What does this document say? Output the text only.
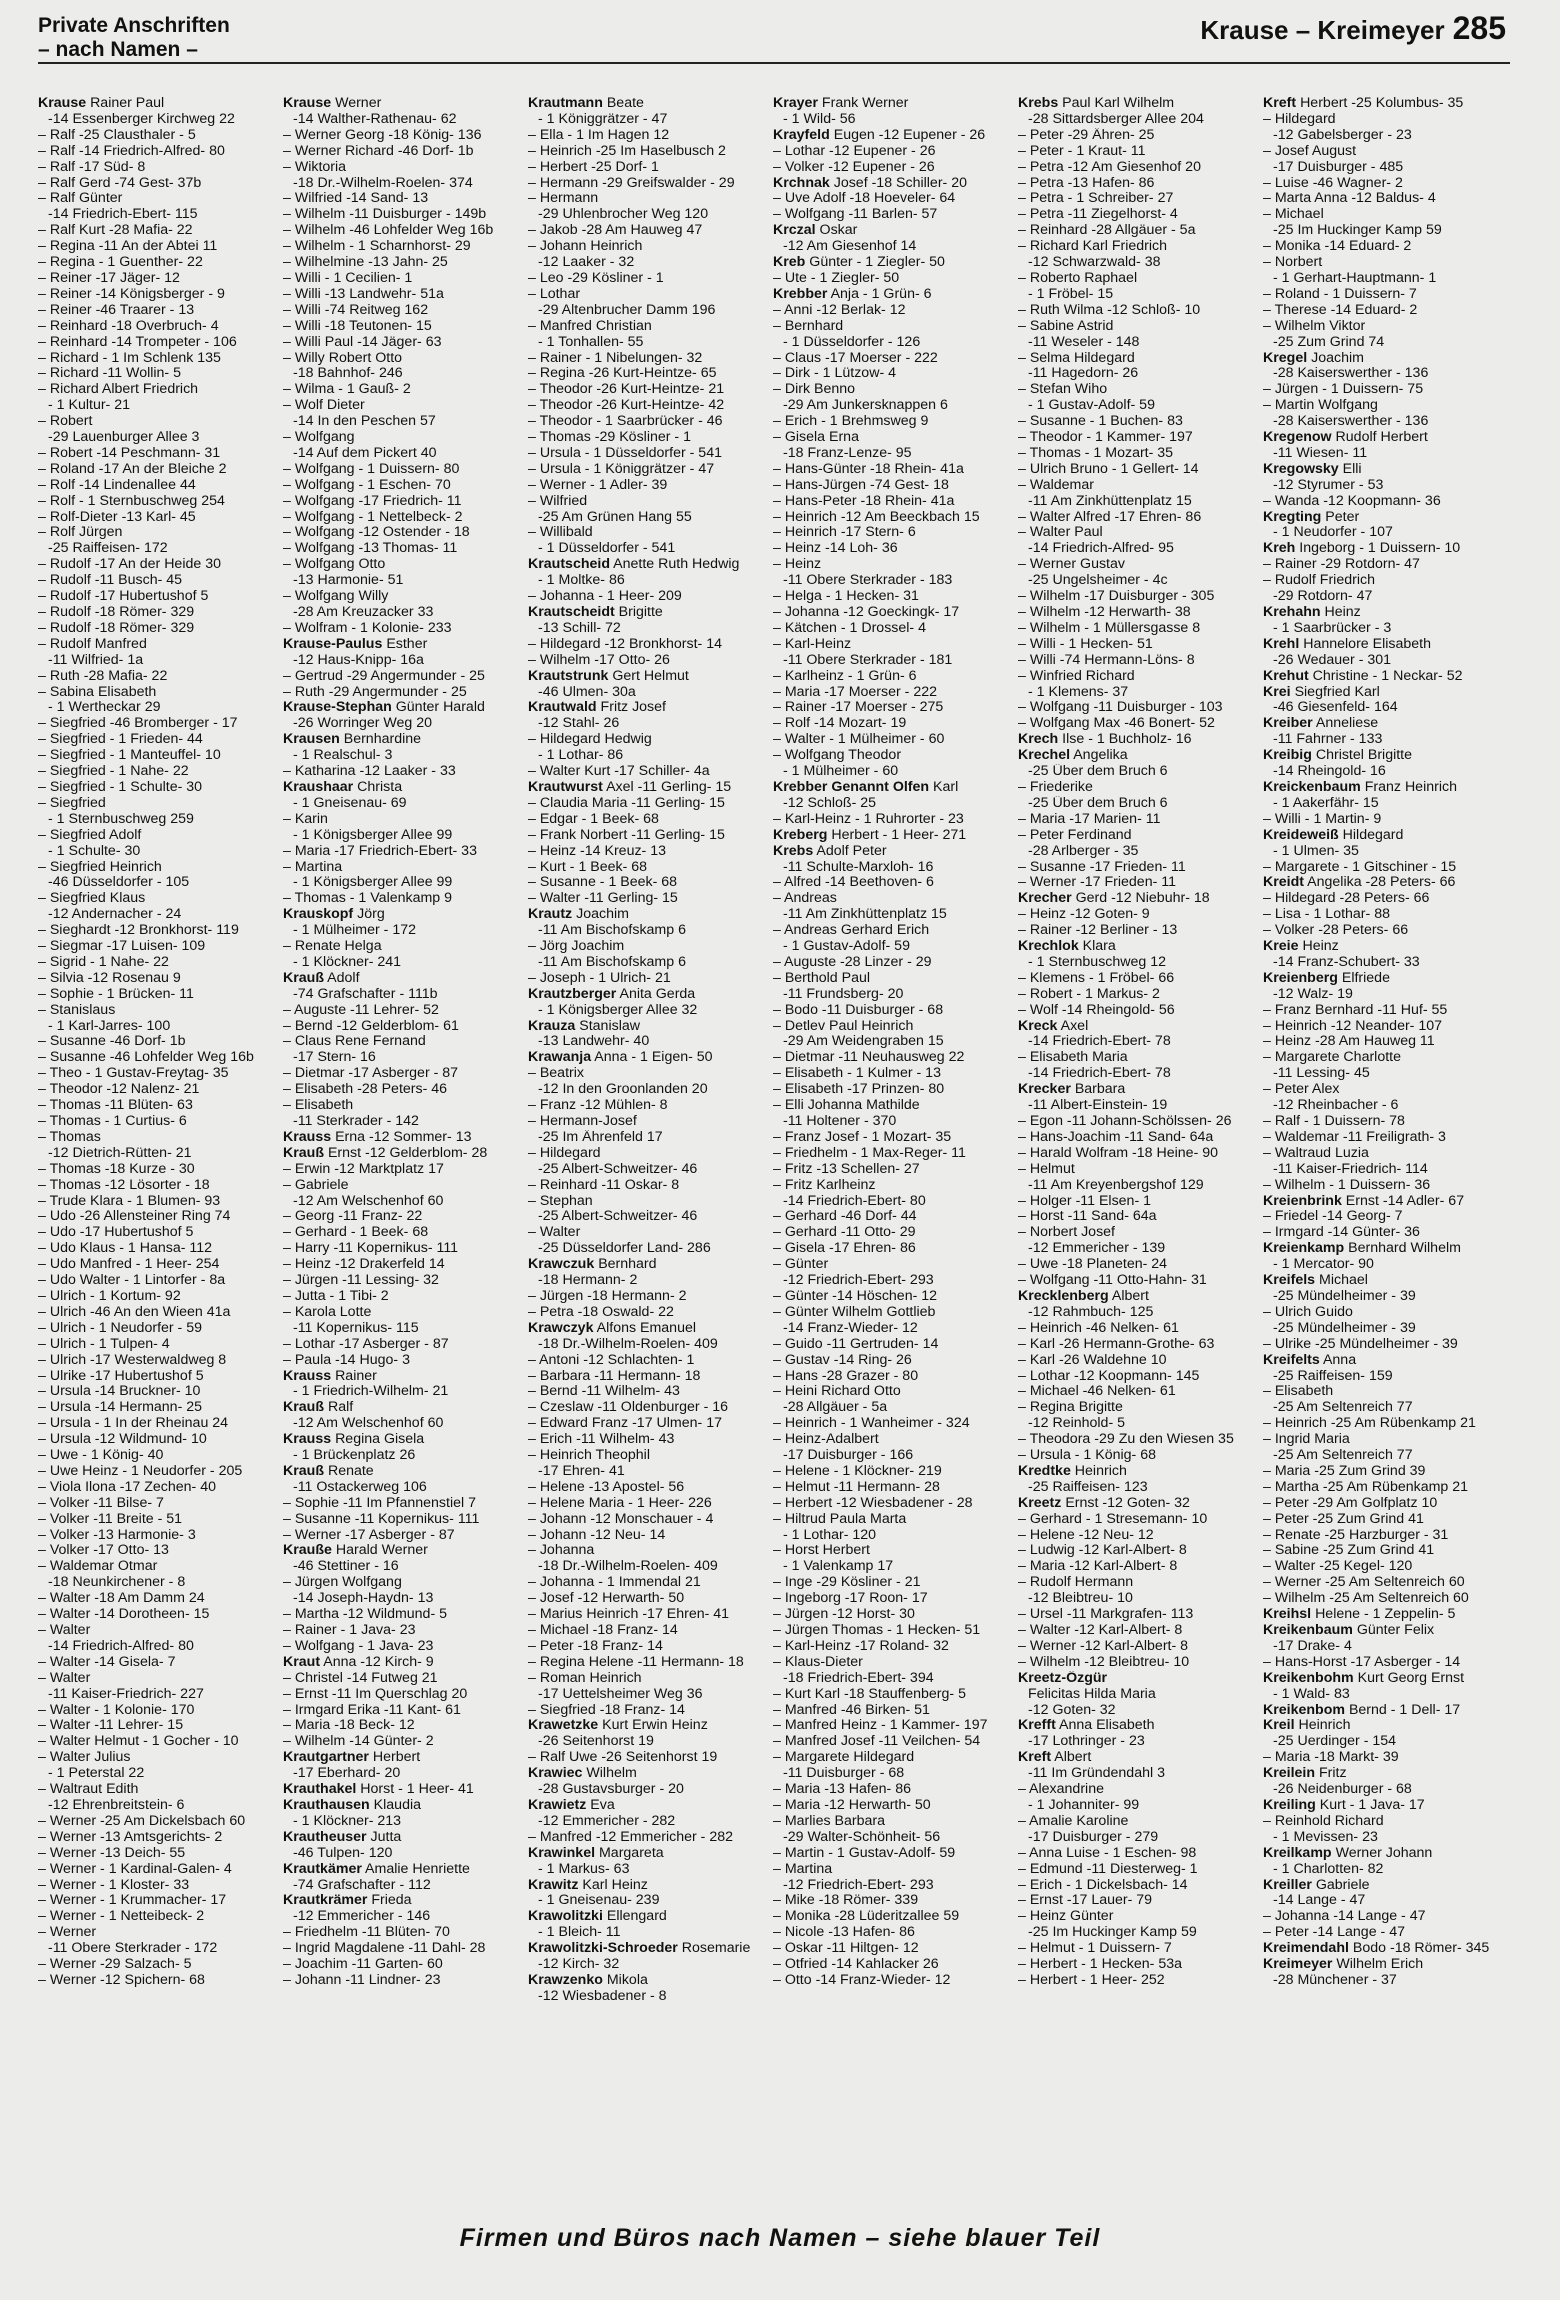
Private Anschriften
– nach Namen –
Krause – Kreimeyer 285
Krause Rainer Paul
-14 Essenberger Kirchweg 22
– Ralf -25 Clausthaler - 5
– Ralf -14 Friedrich-Alfred- 80
– Ralf -17 Süd- 8
– Ralf Gerd -74 Gest- 37b
– Ralf Günter
-14 Friedrich-Ebert- 115
– Ralf Kurt -28 Mafia- 22
– Regina -11 An der Abtei 11
– Regina - 1 Guenther- 22
– Reiner -17 Jäger- 12
– Reiner -14 Königsberger - 9
– Reiner -46 Traarer - 13
– Reinhard -18 Overbruch- 4
– Reinhard -14 Trompeter - 106
– Richard - 1 Im Schlenk 135
– Richard -11 Wollin- 5
– Richard Albert Friedrich
- 1 Kultur- 21
– Robert
-29 Lauenburger Allee 3
– Robert -14 Peschmann- 31
– Roland -17 An der Bleiche 2
– Rolf -14 Lindenallee 44
– Rolf - 1 Sternbuschweg 254
– Rolf-Dieter -13 Karl- 45
– Rolf Jürgen
-25 Raiffeisen- 172
– Rudolf -17 An der Heide 30
– Rudolf -11 Busch- 45
– Rudolf -17 Hubertushof 5
– Rudolf -18 Römer- 329
– Rudolf -18 Römer- 329
– Rudolf Manfred
-11 Wilfried- 1a
– Ruth -28 Mafia- 22
– Sabina Elisabeth
- 1 Wertheckar 29
– Siegfried -46 Bromberger - 17
– Siegfried - 1 Frieden- 44
– Siegfried - 1 Manteuffel- 10
– Siegfried - 1 Nahe- 22
– Siegfried - 1 Schulte- 30
– Siegfried
- 1 Sternbuschweg 259
– Siegfried Adolf
- 1 Schulte- 30
– Siegfried Heinrich
-46 Düsseldorfer - 105
– Siegfried Klaus
-12 Andernacher - 24
– Sieghardt -12 Bronkhorst- 119
– Siegmar -17 Luisen- 109
– Sigrid - 1 Nahe- 22
– Silvia -12 Rosenau 9
– Sophie - 1 Brücken- 11
– Stanislaus
- 1 Karl-Jarres- 100
– Susanne -46 Dorf- 1b
– Susanne -46 Lohfelder Weg 16b
– Theo - 1 Gustav-Freytag- 35
– Theodor -12 Nalenz- 21
– Thomas -11 Blüten- 63
– Thomas - 1 Curtius- 6
– Thomas
-12 Dietrich-Rütten- 21
– Thomas -18 Kurze - 30
– Thomas -12 Lösorter - 18
– Trude Klara - 1 Blumen- 93
– Udo -26 Allensteiner Ring 74
– Udo -17 Hubertushof 5
– Udo Klaus - 1 Hansa- 112
– Udo Manfred - 1 Heer- 254
– Udo Walter - 1 Lintorfer - 8a
– Ulrich - 1 Kortum- 92
– Ulrich -46 An den Wieen 41a
– Ulrich - 1 Neudorfer - 59
– Ulrich - 1 Tulpen- 4
– Ulrich -17 Westerwaldweg 8
– Ulrike -17 Hubertushof 5
– Ursula -14 Bruckner- 10
– Ursula -14 Hermann- 25
– Ursula - 1 In der Rheinau 24
– Ursula -12 Wildmund- 10
– Uwe - 1 König- 40
– Uwe Heinz - 1 Neudorfer - 205
– Viola Ilona -17 Zechen- 40
– Volker -11 Bilse- 7
– Volker -11 Breite - 51
– Volker -13 Harmonie- 3
– Volker -17 Otto- 13
– Waldemar Otmar
-18 Neunkirchener - 8
– Walter -18 Am Damm 24
– Walter -14 Dorotheen- 15
– Walter
-14 Friedrich-Alfred- 80
– Walter -14 Gisela- 7
– Walter
-11 Kaiser-Friedrich- 227
– Walter - 1 Kolonie- 170
– Walter -11 Lehrer- 15
– Walter Helmut - 1 Gocher - 10
– Walter Julius
- 1 Peterstal 22
– Waltraut Edith
-12 Ehrenbreitstein- 6
– Werner -25 Am Dickelsbach 60
– Werner -13 Amtsgerichts- 2
– Werner -13 Deich- 55
– Werner - 1 Kardinal-Galen- 4
– Werner - 1 Kloster- 33
– Werner - 1 Krummacher- 17
– Werner - 1 Netteibeck- 2
– Werner
-11 Obere Sterkrader - 172
– Werner -29 Salzach- 5
– Werner -12 Spichern- 68
Krause Werner
-14 Walther-Rathenau- 62
– Werner Georg -18 König- 136
– Werner Richard -46 Dorf- 1b
– Wiktoria
-18 Dr.-Wilhelm-Roelen- 374
– Wilfried -14 Sand- 13
– Wilhelm -11 Duisburger - 149b
– Wilhelm -46 Lohfelder Weg 16b
– Wilhelm - 1 Scharnhorst- 29
– Wilhelmine -13 Jahn- 25
– Willi - 1 Cecilien- 1
– Willi -13 Landwehr- 51a
– Willi -74 Reitweg 162
– Willi -18 Teutonen- 15
– Willi Paul -14 Jäger- 63
– Willy Robert Otto
-18 Bahnhof- 246
– Wilma - 1 Gauß- 2
– Wolf Dieter
-14 In den Peschen 57
– Wolfgang
-14 Auf dem Pickert 40
– Wolfgang - 1 Duissern- 80
– Wolfgang - 1 Eschen- 70
– Wolfgang -17 Friedrich- 11
– Wolfgang - 1 Nettelbeck- 2
– Wolfgang -12 Ostender - 18
– Wolfgang -13 Thomas- 11
– Wolfgang Otto
-13 Harmonie- 51
– Wolfgang Willy
-28 Am Kreuzacker 33
– Wolfram - 1 Kolonie- 233
Krause-Paulus Esther
-12 Haus-Knipp- 16a
– Gertrud -29 Angermunder - 25
– Ruth -29 Angermunder - 25
Krause-Stephan Günter Harald
-26 Worringer Weg 20
Krausen Bernhardine
- 1 Realschul- 3
– Katharina -12 Laaker - 33
Kraushaar Christa
- 1 Gneisenau- 69
– Karin
- 1 Königsberger Allee 99
– Maria -17 Friedrich-Ebert- 33
– Martina
- 1 Königsberger Allee 99
– Thomas - 1 Valenkamp 9
Krauskopf Jörg
- 1 Mülheimer - 172
– Renate Helga
- 1 Klöckner- 241
Krauß Adolf
-74 Grafschafter - 111b
– Auguste -11 Lehrer- 52
– Bernd -12 Gelderblom- 61
– Claus Rene Fernand
-17 Stern- 16
– Dietmar -17 Asberger - 87
– Elisabeth -28 Peters- 46
– Elisabeth
-11 Sterkrader - 142
Krauss Erna -12 Sommer- 13
Krauß Ernst -12 Gelderblom- 28
– Erwin -12 Marktplatz 17
– Gabriele
-12 Am Welschenhof 60
– Georg -11 Franz- 22
– Gerhard - 1 Beek- 68
– Harry -11 Kopernikus- 111
– Heinz -12 Drakerfeld 14
– Jürgen -11 Lessing- 32
– Jutta - 1 Tibi- 2
– Karola Lotte
-11 Kopernikus- 115
– Lothar -17 Asberger - 87
– Paula -14 Hugo- 3
Krauss Rainer
- 1 Friedrich-Wilhelm- 21
Krauß Ralf
-12 Am Welschenhof 60
Krauss Regina Gisela
- 1 Brückenplatz 26
Krauß Renate
-11 Ostackerweg 106
– Sophie -11 Im Pfannenstiel 7
– Susanne -11 Kopernikus- 111
– Werner -17 Asberger - 87
Krauße Harald Werner
-46 Stettiner - 16
– Jürgen Wolfgang
-14 Joseph-Haydn- 13
– Martha -12 Wildmund- 5
– Rainer - 1 Java- 23
– Wolfgang - 1 Java- 23
Kraut Anna -12 Kirch- 9
– Christel -14 Futweg 21
– Ernst -11 Im Querschlag 20
– Irmgard Erika -11 Kant- 61
– Maria -18 Beck- 12
– Wilhelm -14 Günter- 2
Krautgartner Herbert
-17 Eberhard- 20
Krauthakel Horst - 1 Heer- 41
Krauthausen Klaudia
- 1 Klöckner- 213
Krautheuser Jutta
-46 Tulpen- 120
Krautkämer Amalie Henriette
-74 Grafschafter - 112
Krautkrämer Frieda
-12 Emmericher - 146
– Friedhelm -11 Blüten- 70
– Ingrid Magdalene -11 Dahl- 28
– Joachim -11 Garten- 60
– Johann -11 Lindner- 23
Krautmann Beate
- 1 Königgrätzer - 47
– Ella - 1 Im Hagen 12
– Heinrich -25 Im Haselbusch 2
– Herbert -25 Dorf- 1
– Hermann -29 Greifswalder - 29
– Hermann
-29 Uhlenbrocher Weg 120
– Jakob -28 Am Hauweg 47
– Johann Heinrich
-12 Laaker - 32
– Leo -29 Kösliner - 1
– Lothar
-29 Altenbrucher Damm 196
– Manfred Christian
- 1 Tonhallen- 55
– Rainer - 1 Nibelungen- 32
– Regina -26 Kurt-Heintze- 65
– Theodor -26 Kurt-Heintze- 21
– Theodor -26 Kurt-Heintze- 42
– Theodor - 1 Saarbrücker - 46
– Thomas -29 Kösliner - 1
– Ursula - 1 Düsseldorfer - 541
– Ursula - 1 Königgrätzer - 47
– Werner - 1 Adler- 39
– Wilfried
-25 Am Grünen Hang 55
– Willibald
- 1 Düsseldorfer - 541
Krautscheid Anette Ruth Hedwig
- 1 Moltke- 86
– Johanna - 1 Heer- 209
Krautscheidt Brigitte
-13 Schill- 72
– Hildegard -12 Bronkhorst- 14
– Wilhelm -17 Otto- 26
Krautstrunk Gert Helmut
-46 Ulmen- 30a
Krautwald Fritz Josef
-12 Stahl- 26
– Hildegard Hedwig
- 1 Lothar- 86
– Walter Kurt -17 Schiller- 4a
Krautwurst Axel -11 Gerling- 15
– Claudia Maria -11 Gerling- 15
– Edgar - 1 Beek- 68
– Frank Norbert -11 Gerling- 15
– Heinz -14 Kreuz- 13
– Kurt - 1 Beek- 68
– Susanne - 1 Beek- 68
– Walter -11 Gerling- 15
Krautz Joachim
-11 Am Bischofskamp 6
– Jörg Joachim
-11 Am Bischofskamp 6
– Joseph - 1 Ulrich- 21
Krautzberger Anita Gerda
- 1 Königsberger Allee 32
Krauza Stanislaw
-13 Landwehr- 40
Krawanja Anna - 1 Eigen- 50
– Beatrix
-12 In den Groonlanden 20
– Franz -12 Mühlen- 8
– Hermann-Josef
-25 Im Ährenfeld 17
– Hildegard
-25 Albert-Schweitzer- 46
– Reinhard -11 Oskar- 8
– Stephan
-25 Albert-Schweitzer- 46
– Walter
-25 Düsseldorfer Land- 286
Krawczuk Bernhard
-18 Hermann- 2
– Jürgen -18 Hermann- 2
– Petra -18 Oswald- 22
Krawczyk Alfons Emanuel
-18 Dr.-Wilhelm-Roelen- 409
– Antoni -12 Schlachten- 1
– Barbara -11 Hermann- 18
– Bernd -11 Wilhelm- 43
– Czeslaw -11 Oldenburger - 16
– Edward Franz -17 Ulmen- 17
– Erich -11 Wilhelm- 43
– Heinrich Theophil
-17 Ehren- 41
– Helene -13 Apostel- 56
– Helene Maria - 1 Heer- 226
– Johann -12 Monschauer - 4
– Johann -12 Neu- 14
– Johanna
-18 Dr.-Wilhelm-Roelen- 409
– Johanna - 1 Immendal 21
– Josef -12 Herwarth- 50
– Marius Heinrich -17 Ehren- 41
– Michael -18 Franz- 14
– Peter -18 Franz- 14
– Regina Helene -11 Hermann- 18
– Roman Heinrich
-17 Uettelsheimer Weg 36
– Siegfried -18 Franz- 14
Krawetzke Kurt Erwin Heinz
-26 Seitenhorst 19
– Ralf Uwe -26 Seitenhorst 19
Krawiec Wilhelm
-28 Gustavsburger - 20
Krawietz Eva
-12 Emmericher - 282
– Manfred -12 Emmericher - 282
Krawinkel Margareta
- 1 Markus- 63
Krawitz Karl Heinz
- 1 Gneisenau- 239
Krawolitzki Ellengard
- 1 Bleich- 11
Krawolitzki-Schroeder Rosemarie
-12 Kirch- 32
Krawzenko Mikola
-12 Wiesbadener - 8
Krayer Frank Werner
- 1 Wild- 56
Krayfeld Eugen -12 Eupener - 26
– Lothar -12 Eupener - 26
– Volker -12 Eupener - 26
Krchnak Josef -18 Schiller- 20
– Uve Adolf -18 Hoeveler- 64
– Wolfgang -11 Barlen- 57
Krczal Oskar
-12 Am Giesenhof 14
Kreb Günter - 1 Ziegler- 50
– Ute - 1 Ziegler- 50
Krebber Anja - 1 Grün- 6
– Anni -12 Berlak- 12
– Bernhard
- 1 Düsseldorfer - 126
– Claus -17 Moerser - 222
– Dirk - 1 Lützow- 4
– Dirk Benno
-29 Am Junkersknappen 6
– Erich - 1 Brehmsweg 9
– Gisela Erna
-18 Franz-Lenze- 95
– Hans-Günter -18 Rhein- 41a
– Hans-Jürgen -74 Gest- 18
– Hans-Peter -18 Rhein- 41a
– Heinrich -12 Am Beeckbach 15
– Heinrich -17 Stern- 6
– Heinz -14 Loh- 36
– Heinz
-11 Obere Sterkrader - 183
– Helga - 1 Hecken- 31
– Johanna -12 Goeckingk- 17
– Kätchen - 1 Drossel- 4
– Karl-Heinz
-11 Obere Sterkrader - 181
– Karlheinz - 1 Grün- 6
– Maria -17 Moerser - 222
– Rainer -17 Moerser - 275
– Rolf -14 Mozart- 19
– Walter - 1 Mülheimer - 60
– Wolfgang Theodor
- 1 Mülheimer - 60
Krebber Genannt Olfen Karl
-12 Schloß- 25
– Karl-Heinz - 1 Ruhrorter - 23
Kreberg Herbert - 1 Heer- 271
Krebs Adolf Peter
-11 Schulte-Marxloh- 16
– Alfred -14 Beethoven- 6
– Andreas
-11 Am Zinkhüttenplatz 15
– Andreas Gerhard Erich
- 1 Gustav-Adolf- 59
– Auguste -28 Linzer - 29
– Berthold Paul
-11 Frundsberg- 20
– Bodo -11 Duisburger - 68
– Detlev Paul Heinrich
-29 Am Weidengraben 15
– Dietmar -11 Neuhausweg 22
– Elisabeth - 1 Kulmer - 13
– Elisabeth -17 Prinzen- 80
– Elli Johanna Mathilde
-11 Holtener - 370
– Franz Josef - 1 Mozart- 35
– Friedhelm - 1 Max-Reger- 11
– Fritz -13 Schellen- 27
– Fritz Karlheinz
-14 Friedrich-Ebert- 80
– Gerhard -46 Dorf- 44
– Gerhard -11 Otto- 29
– Gisela -17 Ehren- 86
– Günter
-12 Friedrich-Ebert- 293
– Günter -14 Höschen- 12
– Günter Wilhelm Gottlieb
-14 Franz-Wieder- 12
– Guido -11 Gertruden- 14
– Gustav -14 Ring- 26
– Hans -28 Grazer - 80
– Heini Richard Otto
-28 Allgäuer - 5a
– Heinrich - 1 Wanheimer - 324
– Heinz-Adalbert
-17 Duisburger - 166
– Helene - 1 Klöckner- 219
– Helmut -11 Hermann- 28
– Herbert -12 Wiesbadener - 28
– Hiltrud Paula Marta
- 1 Lothar- 120
– Horst Herbert
- 1 Valenkamp 17
– Inge -29 Kösliner - 21
– Ingeborg -17 Roon- 17
– Jürgen -12 Horst- 30
– Jürgen Thomas - 1 Hecken- 51
– Karl-Heinz -17 Roland- 32
– Klaus-Dieter
-18 Friedrich-Ebert- 394
– Kurt Karl -18 Stauffenberg- 5
– Manfred -46 Birken- 51
– Manfred Heinz - 1 Kammer- 197
– Manfred Josef -11 Veilchen- 54
– Margarete Hildegard
-11 Duisburger - 68
– Maria -13 Hafen- 86
– Maria -12 Herwarth- 50
– Marlies Barbara
-29 Walter-Schönheit- 56
– Martin - 1 Gustav-Adolf- 59
– Martina
-12 Friedrich-Ebert- 293
– Mike -18 Römer- 339
– Monika -28 Lüderitzallee 59
– Nicole -13 Hafen- 86
– Oskar -11 Hiltgen- 12
– Otfried -14 Kahlacker 26
– Otto -14 Franz-Wieder- 12
Krebs Paul Karl Wilhelm
-28 Sittardsberger Allee 204
– Peter -29 Ähren- 25
– Peter - 1 Kraut- 11
– Petra -12 Am Giesenhof 20
– Petra -13 Hafen- 86
– Petra - 1 Schreiber- 27
– Petra -11 Ziegelhorst- 4
– Reinhard -28 Allgäuer - 5a
– Richard Karl Friedrich
-12 Schwarzwald- 38
– Roberto Raphael
- 1 Fröbel- 15
– Ruth Wilma -12 Schloß- 10
– Sabine Astrid
-11 Weseler - 148
– Selma Hildegard
-11 Hagedorn- 26
– Stefan Wiho
- 1 Gustav-Adolf- 59
– Susanne - 1 Buchen- 83
– Theodor - 1 Kammer- 197
– Thomas - 1 Mozart- 35
– Ulrich Bruno - 1 Gellert- 14
– Waldemar
-11 Am Zinkhüttenplatz 15
– Walter Alfred -17 Ehren- 86
– Walter Paul
-14 Friedrich-Alfred- 95
– Werner Gustav
-25 Ungelsheimer - 4c
– Wilhelm -17 Duisburger - 305
– Wilhelm -12 Herwarth- 38
– Wilhelm - 1 Müllersgasse 8
– Willi - 1 Hecken- 51
– Willi -74 Hermann-Löns- 8
– Winfried Richard
- 1 Klemens- 37
– Wolfgang -11 Duisburger - 103
– Wolfgang Max -46 Bonert- 52
Krech Ilse - 1 Buchholz- 16
Krechel Angelika
-25 Über dem Bruch 6
– Friederike
-25 Über dem Bruch 6
– Maria -17 Marien- 11
– Peter Ferdinand
-28 Arlberger - 35
– Susanne -17 Frieden- 11
– Werner -17 Frieden- 11
Krecher Gerd -12 Niebuhr- 18
– Heinz -12 Goten- 9
– Rainer -12 Berliner - 13
Krechlok Klara
- 1 Sternbuschweg 12
– Klemens - 1 Fröbel- 66
– Robert - 1 Markus- 2
– Wolf -14 Rheingold- 56
Kreck Axel
-14 Friedrich-Ebert- 78
– Elisabeth Maria
-14 Friedrich-Ebert- 78
Krecker Barbara
-11 Albert-Einstein- 19
– Egon -11 Johann-Schölssen- 26
– Hans-Joachim -11 Sand- 64a
– Harald Wolfram -18 Heine- 90
– Helmut
-11 Am Kreyenbergshof 129
– Holger -11 Elsen- 1
– Horst -11 Sand- 64a
– Norbert Josef
-12 Emmericher - 139
– Uwe -18 Planeten- 24
– Wolfgang -11 Otto-Hahn- 31
Krecklenberg Albert
-12 Rahmbuch- 125
– Heinrich -46 Nelken- 61
– Karl -26 Hermann-Grothe- 63
– Karl -26 Waldehne 10
– Lothar -12 Koopmann- 145
– Michael -46 Nelken- 61
– Regina Brigitte
-12 Reinhold- 5
– Theodora -29 Zu den Wiesen 35
– Ursula - 1 König- 68
Kredtke Heinrich
-25 Raiffeisen- 123
Kreetz Ernst -12 Goten- 32
– Gerhard - 1 Stresemann- 10
– Helene -12 Neu- 12
– Ludwig -12 Karl-Albert- 8
– Maria -12 Karl-Albert- 8
– Rudolf Hermann
-12 Bleibtreu- 10
– Ursel -11 Markgrafen- 113
– Walter -12 Karl-Albert- 8
– Werner -12 Karl-Albert- 8
– Wilhelm -12 Bleibtreu- 10
Kreetz-Özgür
Felicitas Hilda Maria
-12 Goten- 32
Krefft Anna Elisabeth
-17 Lothringer - 23
Kreft Albert
-11 Im Gründendahl 3
– Alexandrine
- 1 Johanniter- 99
– Amalie Karoline
-17 Duisburger - 279
– Anna Luise - 1 Eschen- 98
– Edmund -11 Diesterweg- 1
– Erich - 1 Dickelsbach- 14
– Ernst -17 Lauer- 79
– Heinz Günter
-25 Im Huckinger Kamp 59
– Helmut - 1 Duissern- 7
– Herbert - 1 Hecken- 53a
– Herbert - 1 Heer- 252
Kreft Herbert -25 Kolumbus- 35
– Hildegard
-12 Gabelsberger - 23
– Josef August
-17 Duisburger - 485
– Luise -46 Wagner- 2
– Marta Anna -12 Baldus- 4
– Michael
-25 Im Huckinger Kamp 59
– Monika -14 Eduard- 2
– Norbert
- 1 Gerhart-Hauptmann- 1
– Roland - 1 Duissern- 7
– Therese -14 Eduard- 2
– Wilhelm Viktor
-25 Zum Grind 74
Kregel Joachim
-28 Kaiserswerther - 136
– Jürgen - 1 Duissern- 75
– Martin Wolfgang
-28 Kaiserswerther - 136
Kregenow Rudolf Herbert
-11 Wiesen- 11
Kregowsky Elli
-12 Styrumer - 53
– Wanda -12 Koopmann- 36
Kregting Peter
- 1 Neudorfer - 107
Kreh Ingeborg - 1 Duissern- 10
– Rainer -29 Rotdorn- 47
– Rudolf Friedrich
-29 Rotdorn- 47
Krehahn Heinz
- 1 Saarbrücker - 3
Krehl Hannelore Elisabeth
-26 Wedauer - 301
Krehut Christine - 1 Neckar- 52
Krei Siegfried Karl
-46 Giesenfeld- 164
Kreiber Anneliese
-11 Fahrner - 133
Kreibig Christel Brigitte
-14 Rheingold- 16
Kreickenbaum Franz Heinrich
- 1 Aakerfähr- 15
– Willi - 1 Martin- 9
Kreideweiß Hildegard
- 1 Ulmen- 35
– Margarete - 1 Gitschiner - 15
Kreidt Angelika -28 Peters- 66
– Hildegard -28 Peters- 66
– Lisa - 1 Lothar- 88
– Volker -28 Peters- 66
Kreie Heinz
-14 Franz-Schubert- 33
Kreienberg Elfriede
-12 Walz- 19
– Franz Bernhard -11 Huf- 55
– Heinrich -12 Neander- 107
– Heinz -28 Am Hauweg 11
– Margarete Charlotte
-11 Lessing- 45
– Peter Alex
-12 Rheinbacher - 6
– Ralf - 1 Duissern- 78
– Waldemar -11 Freiligrath- 3
– Waltraud Luzia
-11 Kaiser-Friedrich- 114
– Wilhelm - 1 Duissern- 36
Kreienbrink Ernst -14 Adler- 67
– Friedel -14 Georg- 7
– Irmgard -14 Günter- 36
Kreienkamp Bernhard Wilhelm
- 1 Mercator- 90
Kreifels Michael
-25 Mündelheimer - 39
– Ulrich Guido
-25 Mündelheimer - 39
– Ulrike -25 Mündelheimer - 39
Kreifelts Anna
-25 Raiffeisen- 159
– Elisabeth
-25 Am Seltenreich 77
– Heinrich -25 Am Rübenkamp 21
– Ingrid Maria
-25 Am Seltenreich 77
– Maria -25 Zum Grind 39
– Martha -25 Am Rübenkamp 21
– Peter -29 Am Golfplatz 10
– Peter -25 Zum Grind 41
– Renate -25 Harzburger - 31
– Sabine -25 Zum Grind 41
– Walter -25 Kegel- 120
– Werner -25 Am Seltenreich 60
– Wilhelm -25 Am Seltenreich 60
Kreihsl Helene - 1 Zeppelin- 5
Kreikenbaum Günter Felix
-17 Drake- 4
– Hans-Horst -17 Asberger - 14
Kreikenbohm Kurt Georg Ernst
- 1 Wald- 83
Kreikenbom Bernd - 1 Dell- 17
Kreil Heinrich
-25 Uerdinger - 154
– Maria -18 Markt- 39
Kreilein Fritz
-26 Neidenburger - 68
Kreiling Kurt - 1 Java- 17
– Reinhold Richard
- 1 Mevissen- 23
Kreilkamp Werner Johann
- 1 Charlotten- 82
Kreiller Gabriele
-14 Lange - 47
– Johanna -14 Lange - 47
– Peter -14 Lange - 47
Kreimendahl Bodo -18 Römer- 345
Kreimeyer Wilhelm Erich
-28 Münchener - 37
Firmen und Büros nach Namen – siehe blauer Teil
